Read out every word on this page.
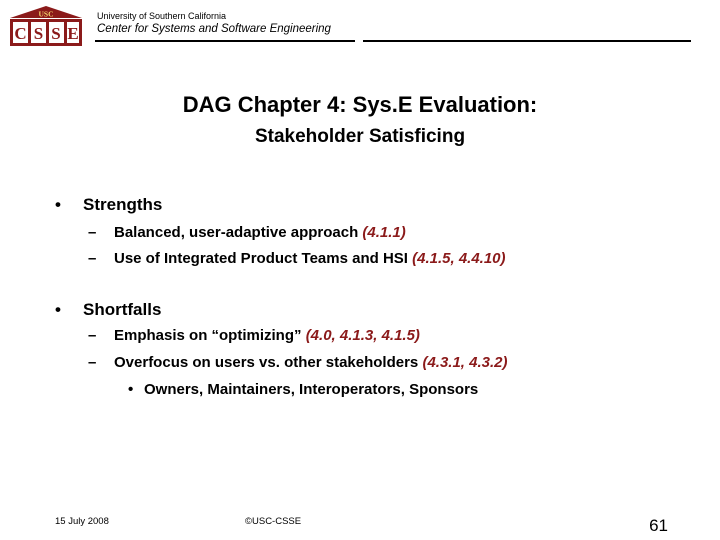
USC
C S S E
University of Southern California
Center for Systems and Software Engineering
DAG Chapter 4: Sys.E Evaluation:
Stakeholder Satisficing
• Strengths
– Balanced, user-adaptive approach (4.1.1)
– Use of Integrated Product Teams and HSI (4.1.5, 4.4.10)
• Shortfalls
– Emphasis on “optimizing” (4.0, 4.1.3, 4.1.5)
– Overfocus on users vs. other stakeholders (4.3.1, 4.3.2)
• Owners, Maintainers, Interoperators, Sponsors
15 July 2008	©USC-CSSE	61
